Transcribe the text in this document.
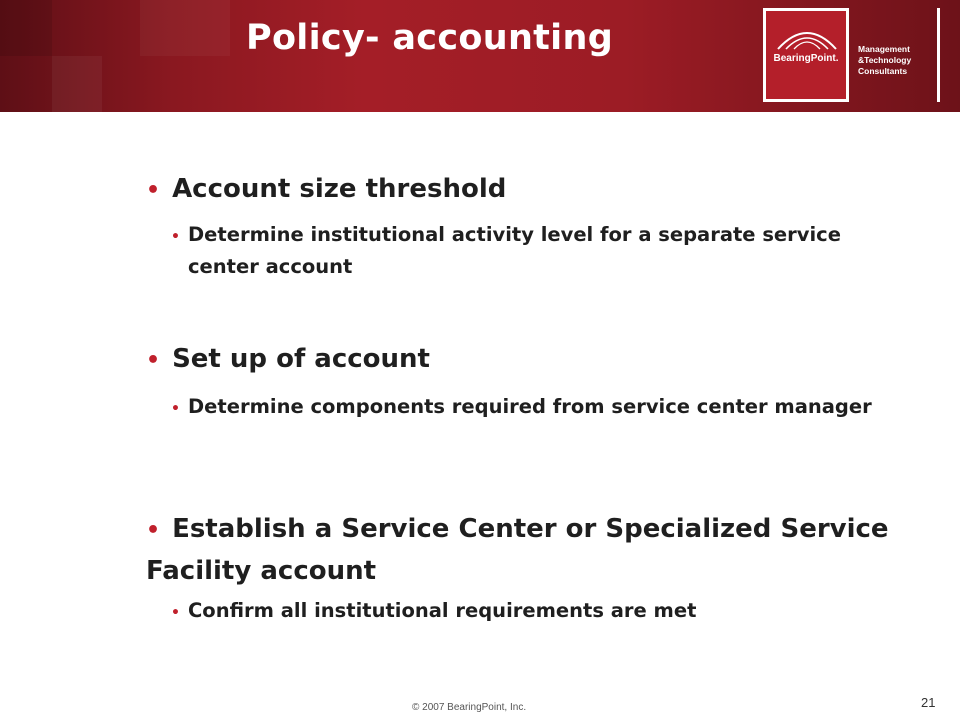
Policy- accounting
BearingPoint.
Management
&Technology
Consultants
• Account size threshold
• Determine institutional activity level for a separate service center account
• Set up of account
• Determine components required from service center manager
• Establish a Service Center or Specialized Service Facility account
• Confirm all institutional requirements are met
© 2007 BearingPoint, Inc.	21
